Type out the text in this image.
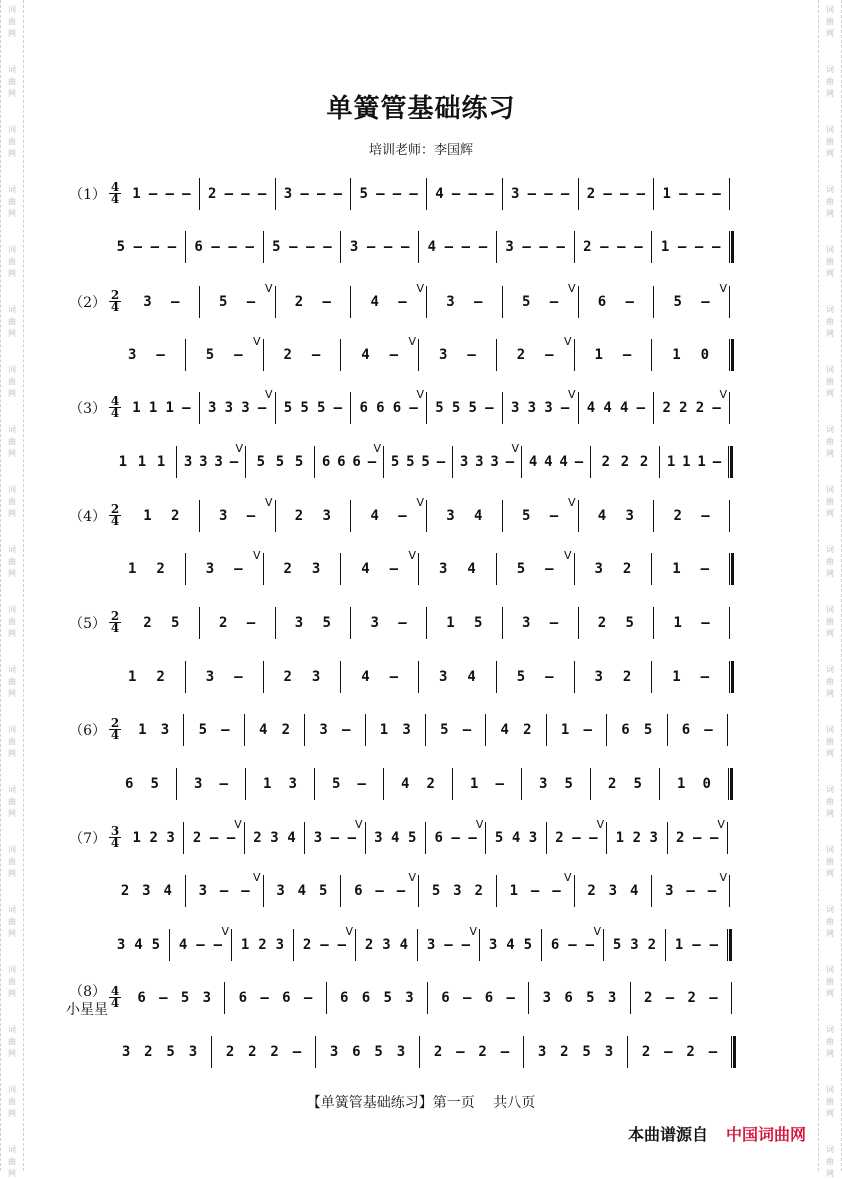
词
曲
网
词
曲
网
词
曲
网
词
曲
网
词
曲
网
词
曲
网
词
曲
网
词
曲
网
词
曲
网
词
曲
网
词
曲
网
词
曲
网
词
曲
网
词
曲
网
词
曲
网
词
曲
网
词
曲
网
词
曲
网
词
曲
网
词
曲
网
词
曲
网
词
曲
网
词
曲
网
词
曲
网
词
曲
网
词
曲
网
词
曲
网
词
曲
网
词
曲
网
词
曲
网
词
曲
网
词
曲
网
词
曲
网
词
曲
网
词
曲
网
词
曲
网
词
曲
网
词
曲
网
词
曲
网
词
曲
网
单簧管基础练习
培训老师：李国辉
（1） 4
4 1 – – – 2 – – – 3 – – – 5 – – – 4 – – – 3 – – – 2 – – – 1 – – –
5 – – – 6 – – – 5 – – – 3 – – – 4 – – – 3 – – – 2 – – – 1 – – –
（2） 2
4	3 –	5 –
V
2 –	4 –
V
3 –	5 –
V
6 –	5 –
V
3 –	5 –
V
2 –	4 –
V
3 –	2 –
V
1 –	1 0
（3） 4
4 1 1 1 – 3 3 3 –
V
5 5 5 – 6 6 6 –
V
5 5 5 – 3 3 3 –
V
4 4 4 – 2 2 2 –
V
1 1 1 3 3 3 –
V
5 5 5 6 6 6 –
V
5 5 5 – 3 3 3 –
V
4 4 4 – 2 2 2 1 1 1 –
（4） 2
4	1 2	3 –
V
2 3	4 –
V
3 4	5 –
V
4 3	2 –
1 2	3 –
V
2 3	4 –
V
3 4	5 –
V
3 2	1 –
（5） 2
4	2 5	2 –	3 5	3 –	1 5	3 –	2 5	1 –
1 2	3 –	2 3	4 –	3 4	5 –	3 2	1 –
（6） 2
4	1 3 5 – 4 2 3 – 1 3 5 – 4 2 1 – 6 5 6 –
6 5	3 –	1 3	5 –	4 2	1 –	3 5	2 5	1 0
（7） 3
4 1 2 3 2 – –
V
2 3 4 3 – –
V
3 4 5 6 – –
V
5 4 3 2 – –
V
1 2 3 2 – –
V
2 3 4 3 – –
V
3 4 5 6 – –
V
5 3 2 1 – –
V
2 3 4 3 – –
V
3 4 5 4 – –
V
1 2 3 2 – –
V
2 3 4 3 – –
V
3 4 5 6 – –
V
5 3 2 1 – –
（8）
小星星
4
4	6 – 5 3 6 – 6 – 6 6 5 3 6 – 6 – 3 6 5 3 2 – 2 –
3 2 5 3 2 2 2 – 3 6 5 3 2 – 2 – 3 2 5 3 2 – 2 –
【单簧管基础练习】第一页　 共八页
本曲谱源自 中国词曲网
